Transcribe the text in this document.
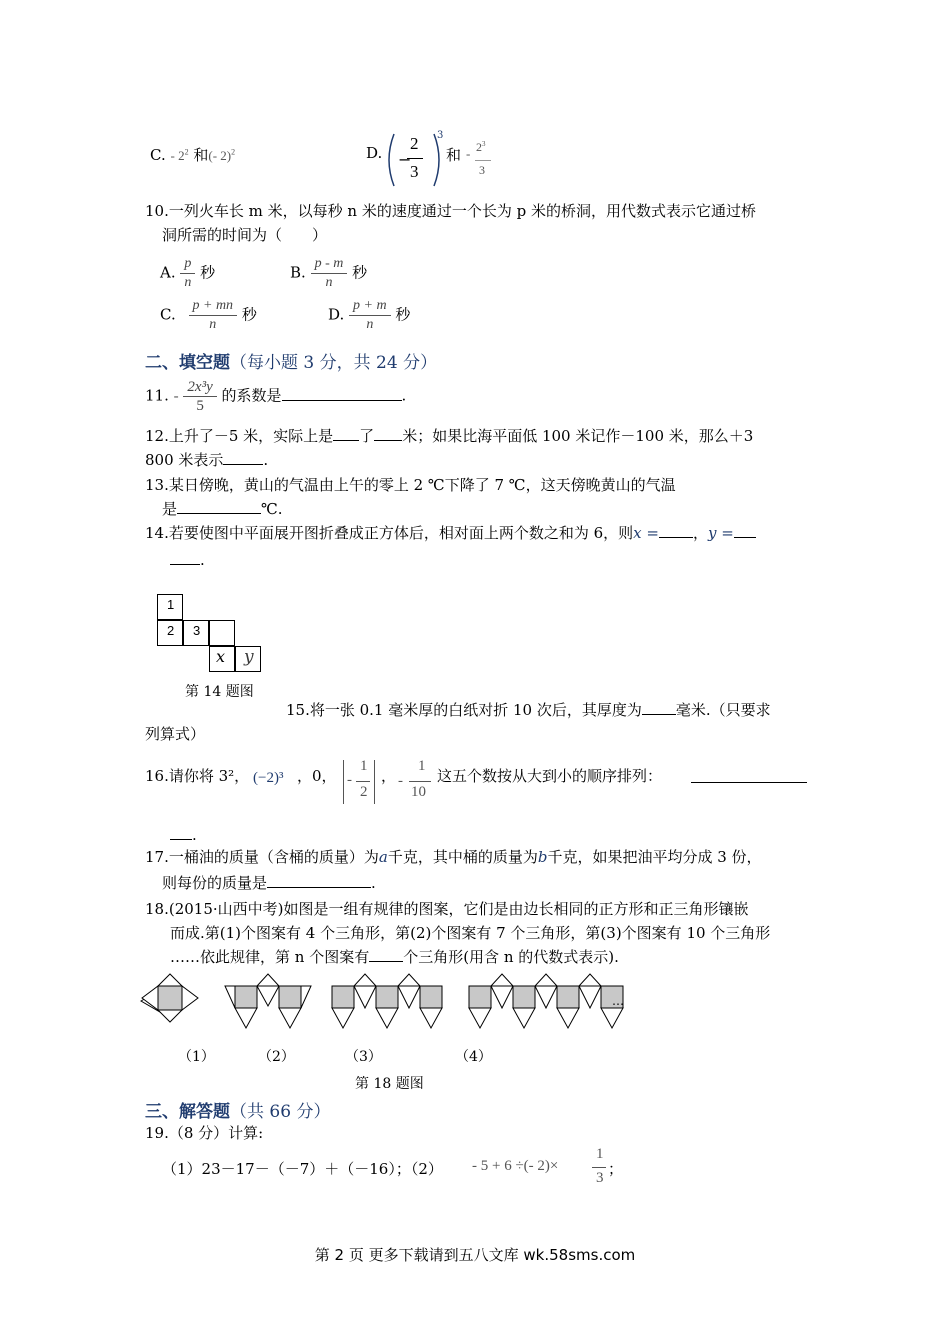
C. - $2^2$ 和(- 2)$^2$	D. −
2
3
3
和 - $2^3$
3
10.一列火车长 m 米，以每秒 n 米的速度通过一个长为 p 米的桥洞，用代数式表示它通过桥
洞所需的时间为（　　）
A. $\frac{p}{n}$ 秒	B. $\frac{p - m}{n}$ 秒
C. $\frac{p + mn}{n}$ 秒	D. $\frac{p + m}{n}$ 秒
二、填空题（每小题 3 分，共 24 分）
11. - $\frac{\text{2x³y}}{5}$ 的系数是	.
12.上升了－5 米，实际上是 了 米；如果比海平面低 100 米记作－100 米，那么＋3
800 米表示	.
13.某日傍晚，黄山的气温由上午的零上 2 ℃下降了 7 ℃，这天傍晚黄山的气温
是	℃.
14.若要使图中平面展开图折叠成正方体后，相对面上两个数之和为 6，则x = ，y =
.
1
2	3
x	y
第 14 题图
15.将一张 0.1 毫米厚的白纸对折 10 次后，其厚度为 毫米.（只要求
列算式）
16.请你将 3²， (−2)³ ，0， -
1
2
， -
1
10
这五个数按从大到小的顺序排列：
.
17.一桶油的质量（含桶的质量）为a千克，其中桶的质量为b千克，如果把油平均分成 3 份，
则每份的质量是	.
18.(2015·山西中考)如图是一组有规律的图案，它们是由边长相同的正方形和正三角形镶嵌
而成.第(1)个图案有 4 个三角形，第(2)个图案有 7 个三角形，第(3)个图案有 10 个三角形
……依此规律，第 n 个图案有 个三角形(用含 n 的代数式表示).
…
（1）	（2）	（3）	（4）
第 18 题图
三、解答题（共 66 分）
19.（8 分）计算:
（1）23－17－（－7）＋（－16）；（2） - 5 + 6 ÷(- 2)×
1
3 ；
第 2 页 更多下载请到五八文库 wk.58sms.com
